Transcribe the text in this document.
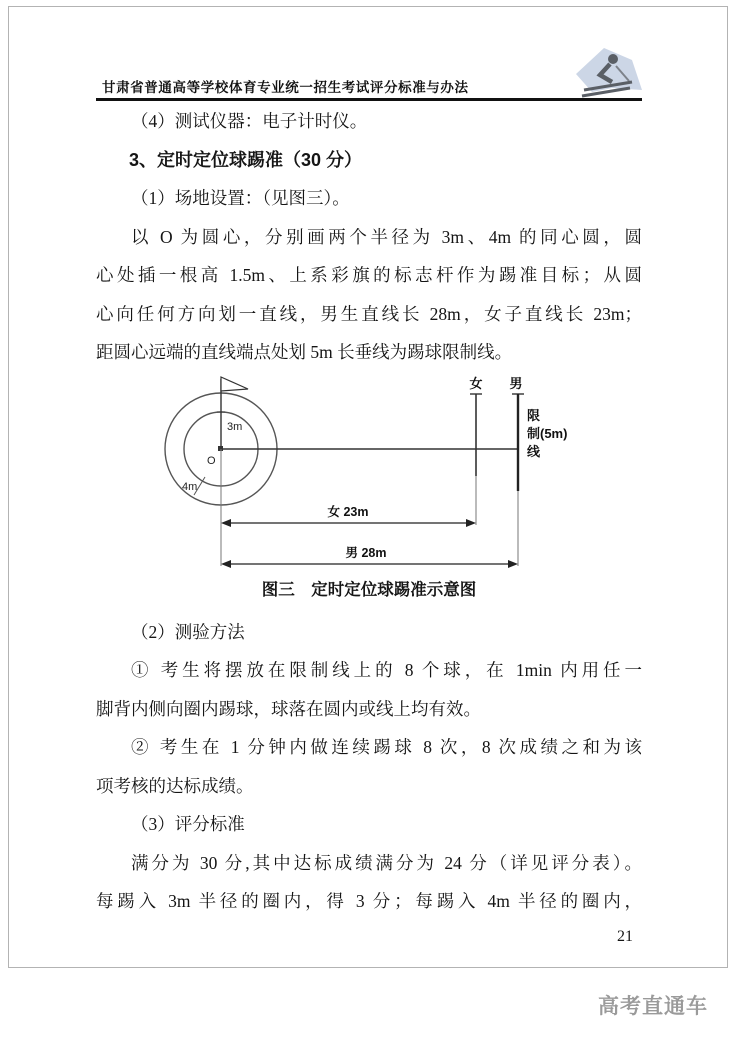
甘肃省普通高等学校体育专业统一招生考试评分标准与办法

（4）测试仪器：电子计时仪。

3、定时定位球踢准（30 分）

（1）场地设置：（见图三）。

以 O 为圆心，分别画两个半径为 3m、4m 的同心圆，圆
心处插一根高 1.5m、上系彩旗的标志杆作为踢准目标；从圆
心向任何方向划一直线，男生直线长 28m，女子直线长 23m；
距圆心远端的直线端点处划 5m 长垂线为踢球限制线。
3m
O
4m
女 男
限
制(5m)
线
女 23m
男 28m
图三　定时定位球踢准示意图

（2）测验方法

① 考生将摆放在限制线上的 8 个球，在 1min 内用任一
脚背内侧向圈内踢球，球落在圆内或线上均有效。
② 考生在 1 分钟内做连续踢球 8 次，8 次成绩之和为该
项考核的达标成绩。

（3）评分标准

满分为 30 分,其中达标成绩满分为 24 分（详见评分表）。
每踢入 3m 半径的圈内，得 3 分；每踢入 4m 半径的圈内，
21
高考直通车
